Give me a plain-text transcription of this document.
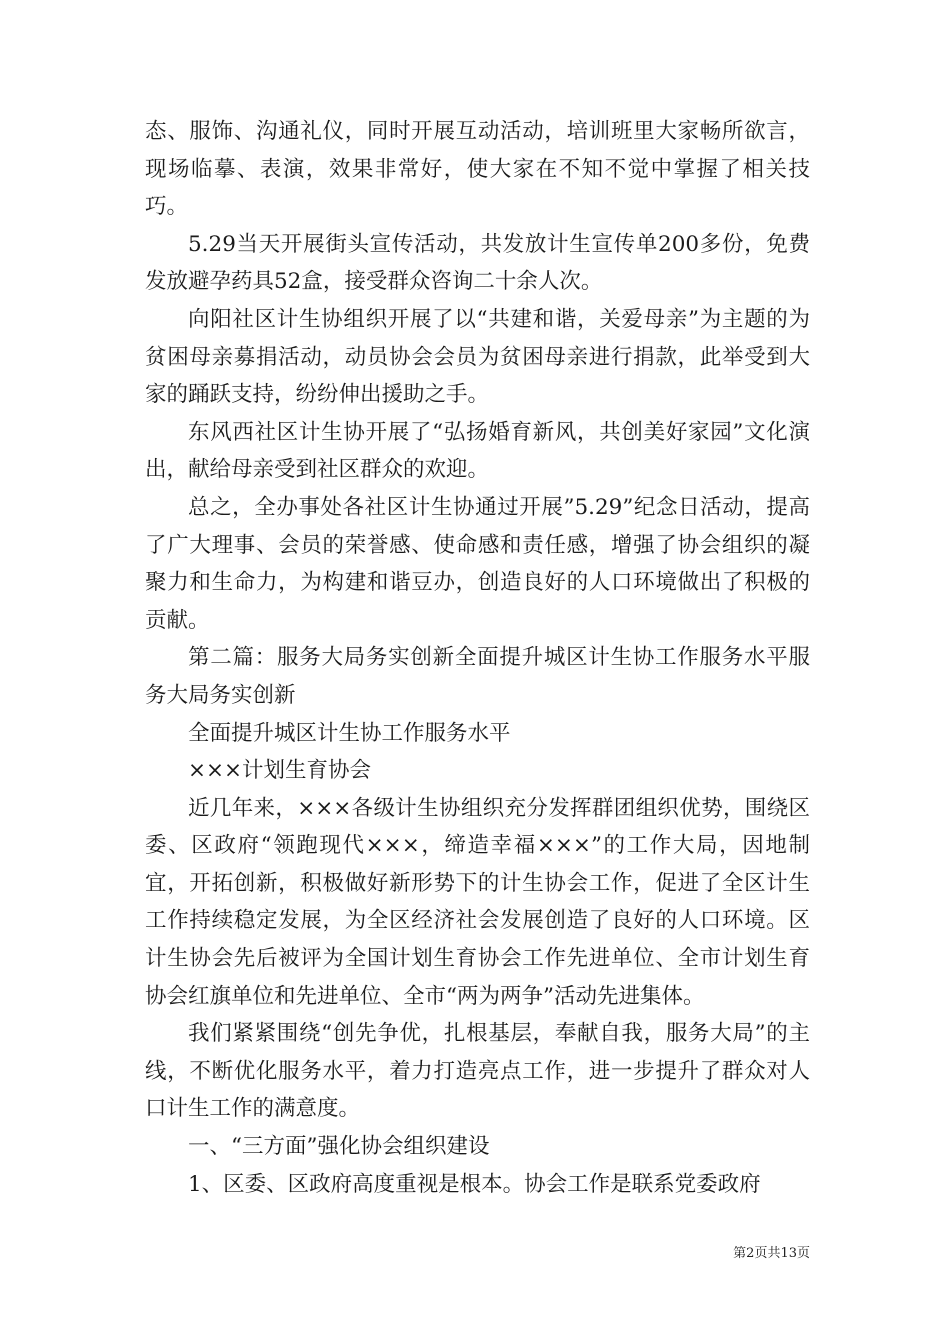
态、服饰、沟通礼仪，同时开展互动活动，培训班里大家畅所欲言，现场临摹、表演，效果非常好，使大家在不知不觉中掌握了相关技巧。

5.29当天开展街头宣传活动，共发放计生宣传单200多份，免费发放避孕药具52盒，接受群众咨询二十余人次。

向阳社区计生协组织开展了以“共建和谐，关爱母亲”为主题的为贫困母亲募捐活动，动员协会会员为贫困母亲进行捐款，此举受到大家的踊跃支持，纷纷伸出援助之手。

东风西社区计生协开展了“弘扬婚育新风，共创美好家园”文化演出，献给母亲受到社区群众的欢迎。

总之，全办事处各社区计生协通过开展”5.29”纪念日活动，提高了广大理事、会员的荣誉感、使命感和责任感，增强了协会组织的凝聚力和生命力，为构建和谐豆办，创造良好的人口环境做出了积极的贡献。

第二篇：服务大局务实创新全面提升城区计生协工作服务水平服务大局务实创新

全面提升城区计生协工作服务水平

×××计划生育协会

近几年来，×××各级计生协组织充分发挥群团组织优势，围绕区委、区政府“领跑现代×××，缔造幸福×××”的工作大局，因地制宜，开拓创新，积极做好新形势下的计生协会工作，促进了全区计生工作持续稳定发展，为全区经济社会发展创造了良好的人口环境。区计生协会先后被评为全国计划生育协会工作先进单位、全市计划生育协会红旗单位和先进单位、全市“两为两争”活动先进集体。

我们紧紧围绕“创先争优，扎根基层，奉献自我，服务大局”的主线，不断优化服务水平，着力打造亮点工作，进一步提升了群众对人口计生工作的满意度。

一、“三方面”强化协会组织建设

1、区委、区政府高度重视是根本。协会工作是联系党委政府

第2页共13页
